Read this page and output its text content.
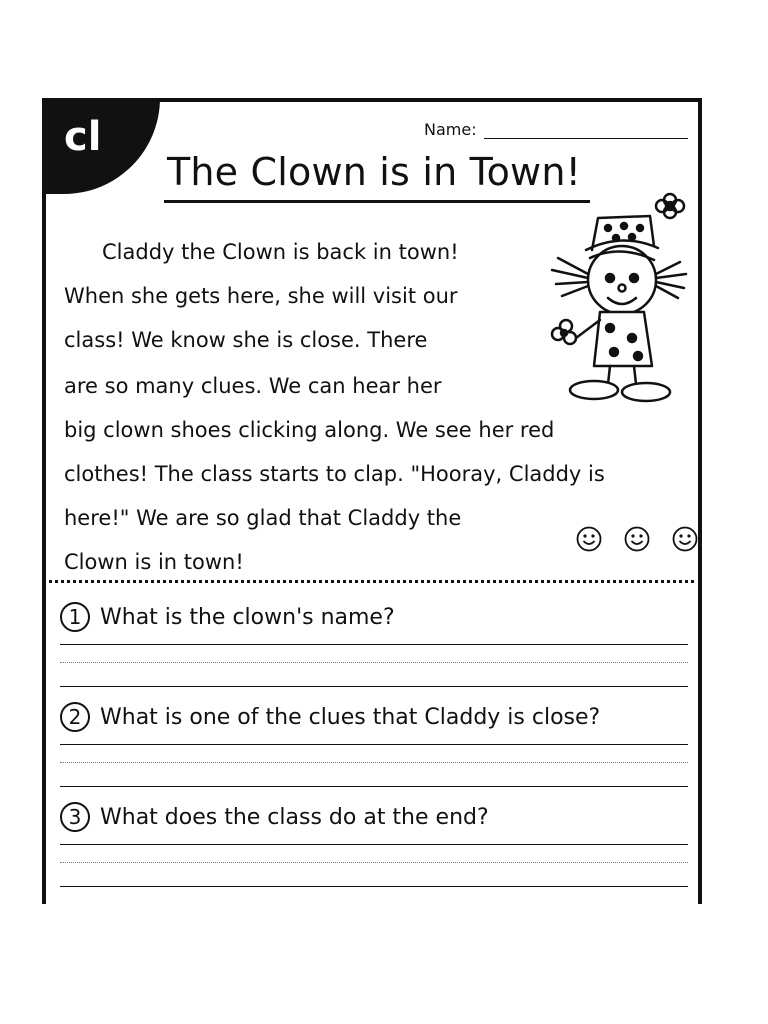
cl	Name:
The Clown is in Town!

Claddy the Clown is back in town!

When she gets here, she will visit our

class! We know she is close. There

are so many clues. We can hear her

big clown shoes clicking along. We see her red

clothes! The class starts to clap. "Hooray, Claddy is

here!" We are so glad that Claddy the

Clown is in town!

1 What is the clown's name?
2 What is one of the clues that Claddy is close?
3 What does the class do at the end?
